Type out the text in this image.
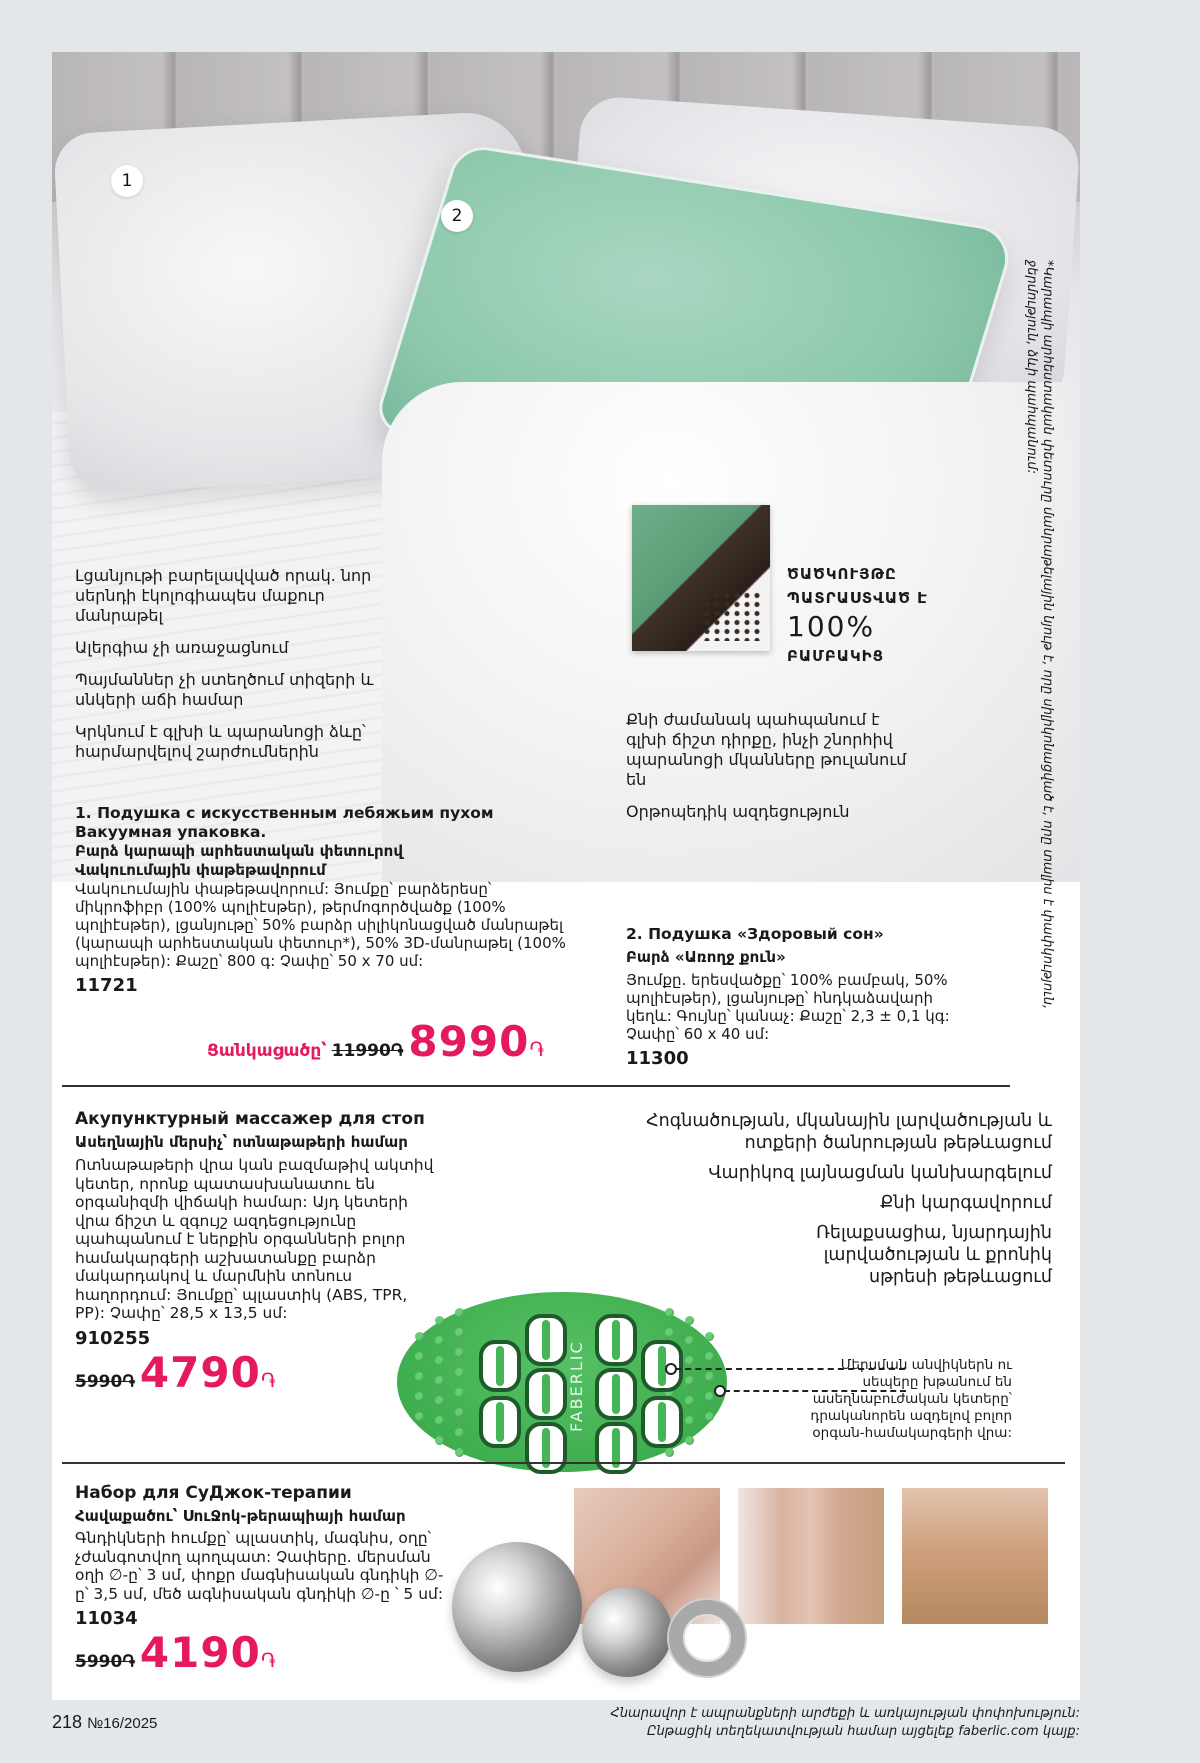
1
2

Լցանյութի բարելավված որակ. նոր սերնդի էկոլոգիապես մաքուր մանրաթել

Ալերգիա չի առաջացնում

Պայմաններ չի ստեղծում տիզերի և սնկերի աճի համար

Կրկնում է գլխի և պարանոցի ձևը՝ հարմարվելով շարժումներին

ԾԱԾԿՈՒՅԹԸ
ՊԱՏՐԱՍՏՎԱԾ Է
100%
ԲԱՄԲԱԿԻՑ

Քնի ժամանակ պահպանում է գլխի ճիշտ դիրքը, ինչի շնորհիվ պարանոցի մկանները թուլանում են

Օրթոպեդիկ ազդեցություն

1. Подушка с искусственным лебяжьим пухом
Вакуумная упаковка.
Բարձ կարապի արհեստական փետուրով
Վակուումային փաթեթավորում
Վակուումային փաթեթավորում: Յումքը՝ բարձերեսը՝ միկրոֆիբր (100% պոլիէսթեր), թերմոգործվածք (100% պոլիէսթեր), լցանյութը՝ 50% բարձր սիլիկոնացված մանրաթել (կարապի արհեստական փետուր*), 50% 3D-մանրաթել (100% պոլիէսթեր): Քաշը՝ 800 գ: Չափը՝ 50 x 70 սմ:
11721
Ցանկացածը՝ 11990֏ 8990֏
2. Подушка «Здоровый сон»
Բարձ «Առողջ քուն»
Յումքը. երեսվածքը՝ 100% բամբակ, 50% պոլիէսթեր), լցանյութը՝ հնդկաձավարի կեղև: Գույնը՝ կանաչ: Քաշը՝ 2,3 ± 0,1 կգ: Չափը՝ 60 x 40 սմ:
11300
*Կարապի արհեստական փետուրը մանրաթելային նյութ է, որը սիլիկոնացված է, որը տալիս է փափկություն, ջերմություն, ձևի պահպանում:
Акупунктурный массажер для стоп
Ասեղնային մերսիչ՝ ոտնաթաթերի համար
Ոտնաթաթերի վրա կան բազմաթիվ ակտիվ կետեր, որոնք պատասխանատու են օրգանիզմի վիճակի համար: Այդ կետերի վրա ճիշտ և զգույշ ազդեցությունը պահպանում է ներքին օրգանների բոլոր համակարգերի աշխատանքը բարձր մակարդակով և մարմնին տոնուս հաղորդում: Յումքը՝ պլաստիկ (ABS, TPR, PP): Չափը՝ 28,5 x 13,5 սմ:
910255
5990֏ 4790֏

Հոգնածության, մկանային լարվածության և ոտքերի ծանրության թեթևացում

Վարիկոզ լայնացման կանխարգելում

Քնի կարգավորում

Ռելաքսացիա, նյարդային լարվածության և քրոնիկ սթրեսի թեթևացում

FABERLIC	Մերսման անվիկներն ու սեպերը խթանում են ասեղնաբուժական կետերը՝ դրականորեն ազդելով բոլոր օրգան-համակարգերի վրա:
Набор для СуДжок-терапии
Հավաքածու՝ ՍուՋոկ-թերապիայի համար
Գնդիկների հումքը՝ պլաստիկ, մագնիս, օղը՝ չժանգոտվող պողպատ: Չափերը. մերսման օղի ∅-ը՝ 3 սմ, փոքր մագնիսական գնդիկի ∅-ը՝ 3,5 սմ, մեծ ագնիսական գնդիկի ∅-ը ՝ 5 սմ:
11034
5990֏ 4190֏
218 №16/2025
Հնարավոր է ապրանքների արժեքի և առկայության փոփոխություն:
Ընթացիկ տեղեկատվության համար այցելեք faberlic.com կայք:
